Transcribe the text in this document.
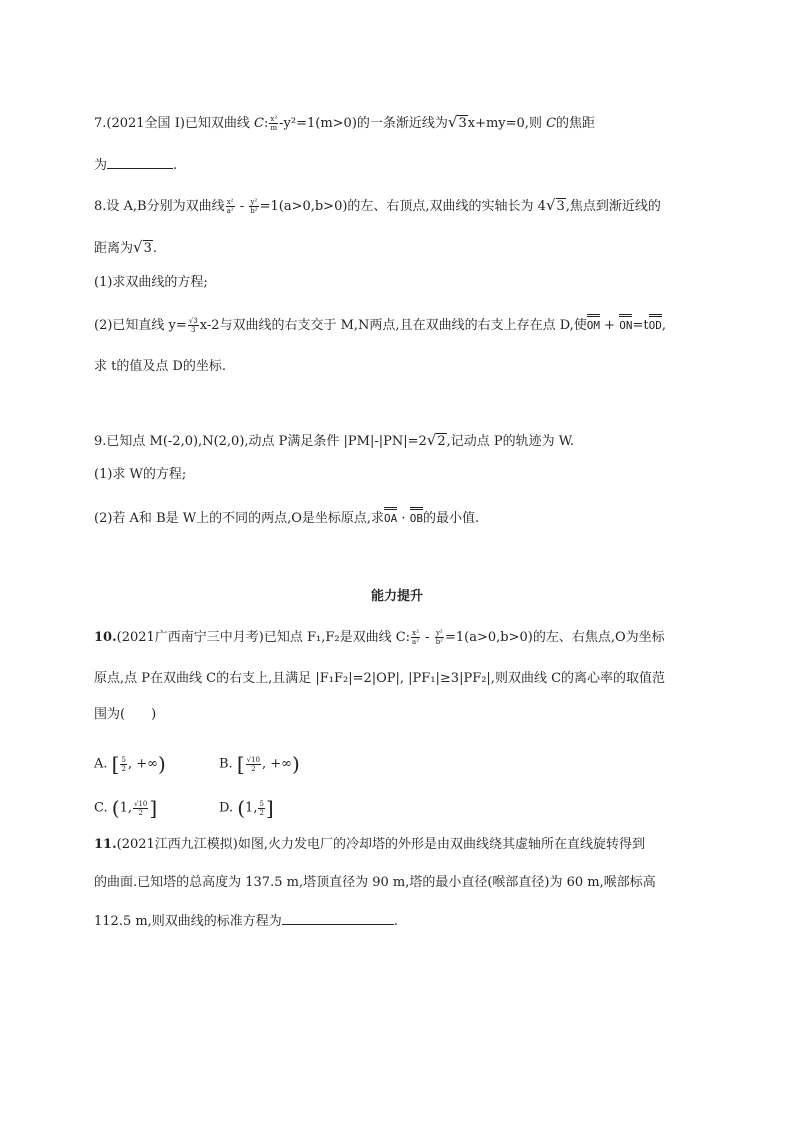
7.(2021全国 I)已知双曲线 C: $\frac{\text{x²}}{m} -y^2=1(m>0)$的一条渐近线为√3x+my=0,则 C的焦距
为	.
8.设 A,B分别为双曲线 $\frac{\text{x²}}{\text{a²}} - \frac{\text{y²}}{\text{b²}} =1(a>0,b>0)$的左、右顶点,双曲线的实轴长为 4√3,焦点到渐近线的
距离为√3.
(1)求双曲线的方程;
(2)已知直线 $y= \frac{√3}{3} x-2$与双曲线的右支交于 M,N两点,且在双曲线的右支上存在点 D,使OM + ON=tOD,
求 t的值及点 D的坐标.
9.已知点 M(-2,0),N(2,0),动点 P满足条件 |PM|-|PN|=2√2,记动点 P的轨迹为 W.
(1)求 W的方程;
(2)若 A和 B是 W上的不同的两点,O是坐标原点,求OA · OB的最小值.
能力提升
10.(2021广西南宁三中月考)已知点 F₁,F₂是双曲线 C: $\frac{\text{x²}}{\text{a²}} - \frac{\text{y²}}{\text{b²}} =1(a>0,b>0)$的左、右焦点,O为坐标
原点,点 P在双曲线 C的右支上,且满足 |F₁F₂|=2|OP|, |PF₁|≥3|PF₂|,则双曲线 C的离心率的取值范
围为(　　)
A. [ $\frac{5}{2}$ , +∞)	B. [ $\frac{√10}{2}$ , +∞)
C. (1, $\frac{√10}{2}$ ]	D. (1, $\frac{5}{2}$ ]
11.(2021江西九江模拟)如图,火力发电厂的冷却塔的外形是由双曲线绕其虚轴所在直线旋转得到
的曲面.已知塔的总高度为 137.5 m,塔顶直径为 90 m,塔的最小直径(喉部直径)为 60 m,喉部标高
112.5 m,则双曲线的标准方程为	.
